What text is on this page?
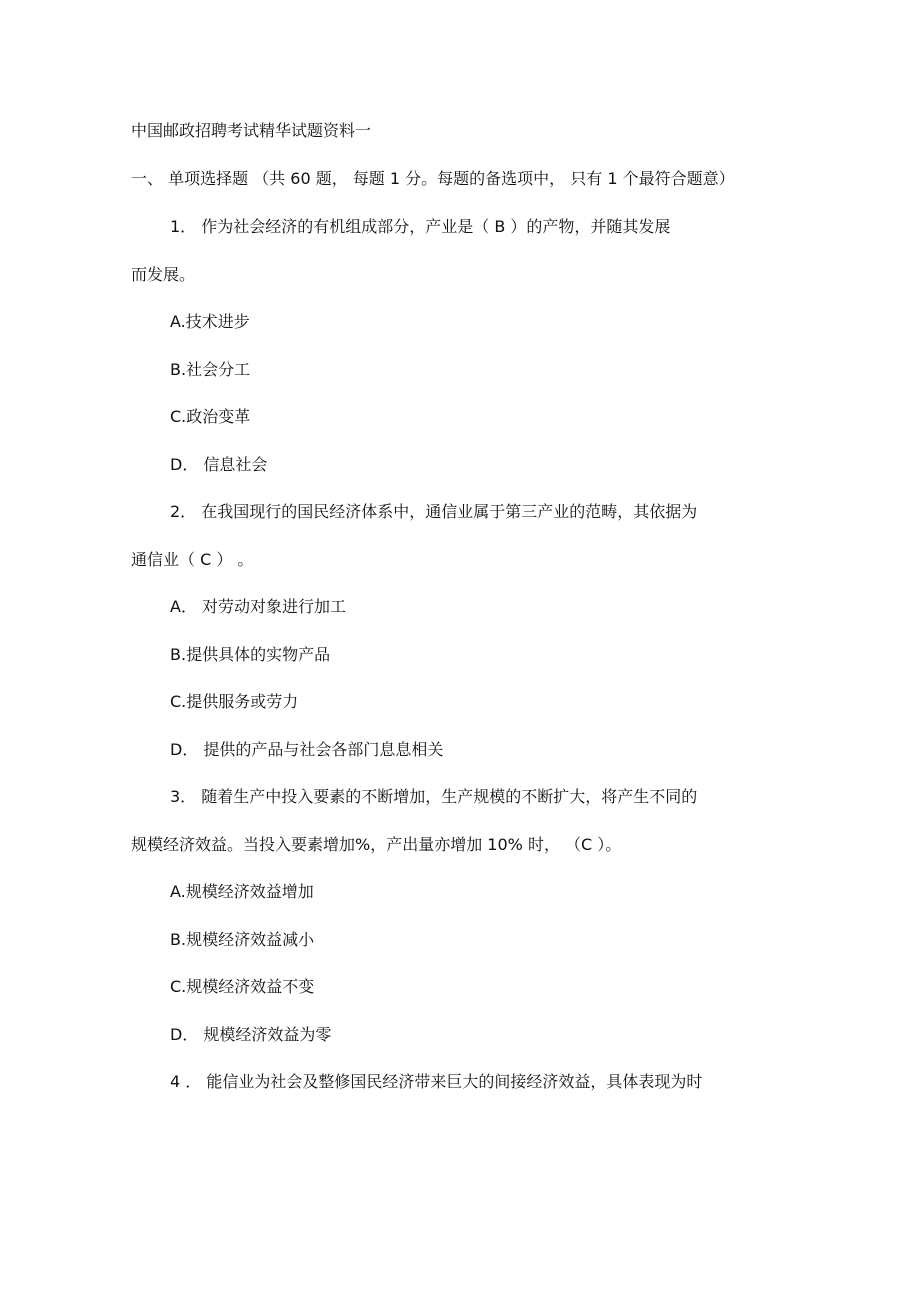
中国邮政招聘考试精华试题资料一
一、 单项选择题 （共 60 题， 每题 1 分。每题的备选项中， 只有 1 个最符合题意）
1． 作为社会经济的有机组成部分，产业是（ B ）的产物，并随其发展
而发展。
A.技术进步
B.社会分工
C.政治变革
D． 信息社会
2． 在我国现行的国民经济体系中，通信业属于第三产业的范畴，其依据为
通信业（ C ） 。
A． 对劳动对象进行加工
B.提供具体的实物产品
C.提供服务或劳力
D． 提供的产品与社会各部门息息相关
3． 随着生产中投入要素的不断增加，生产规模的不断扩大，将产生不同的
规模经济效益。当投入要素增加%，产出量亦增加 10% 时， （C ）。
A.规模经济效益增加
B.规模经济效益减小
C.规模经济效益不变
D． 规模经济效益为零
4 ． 能信业为社会及整修国民经济带来巨大的间接经济效益，具体表现为时
